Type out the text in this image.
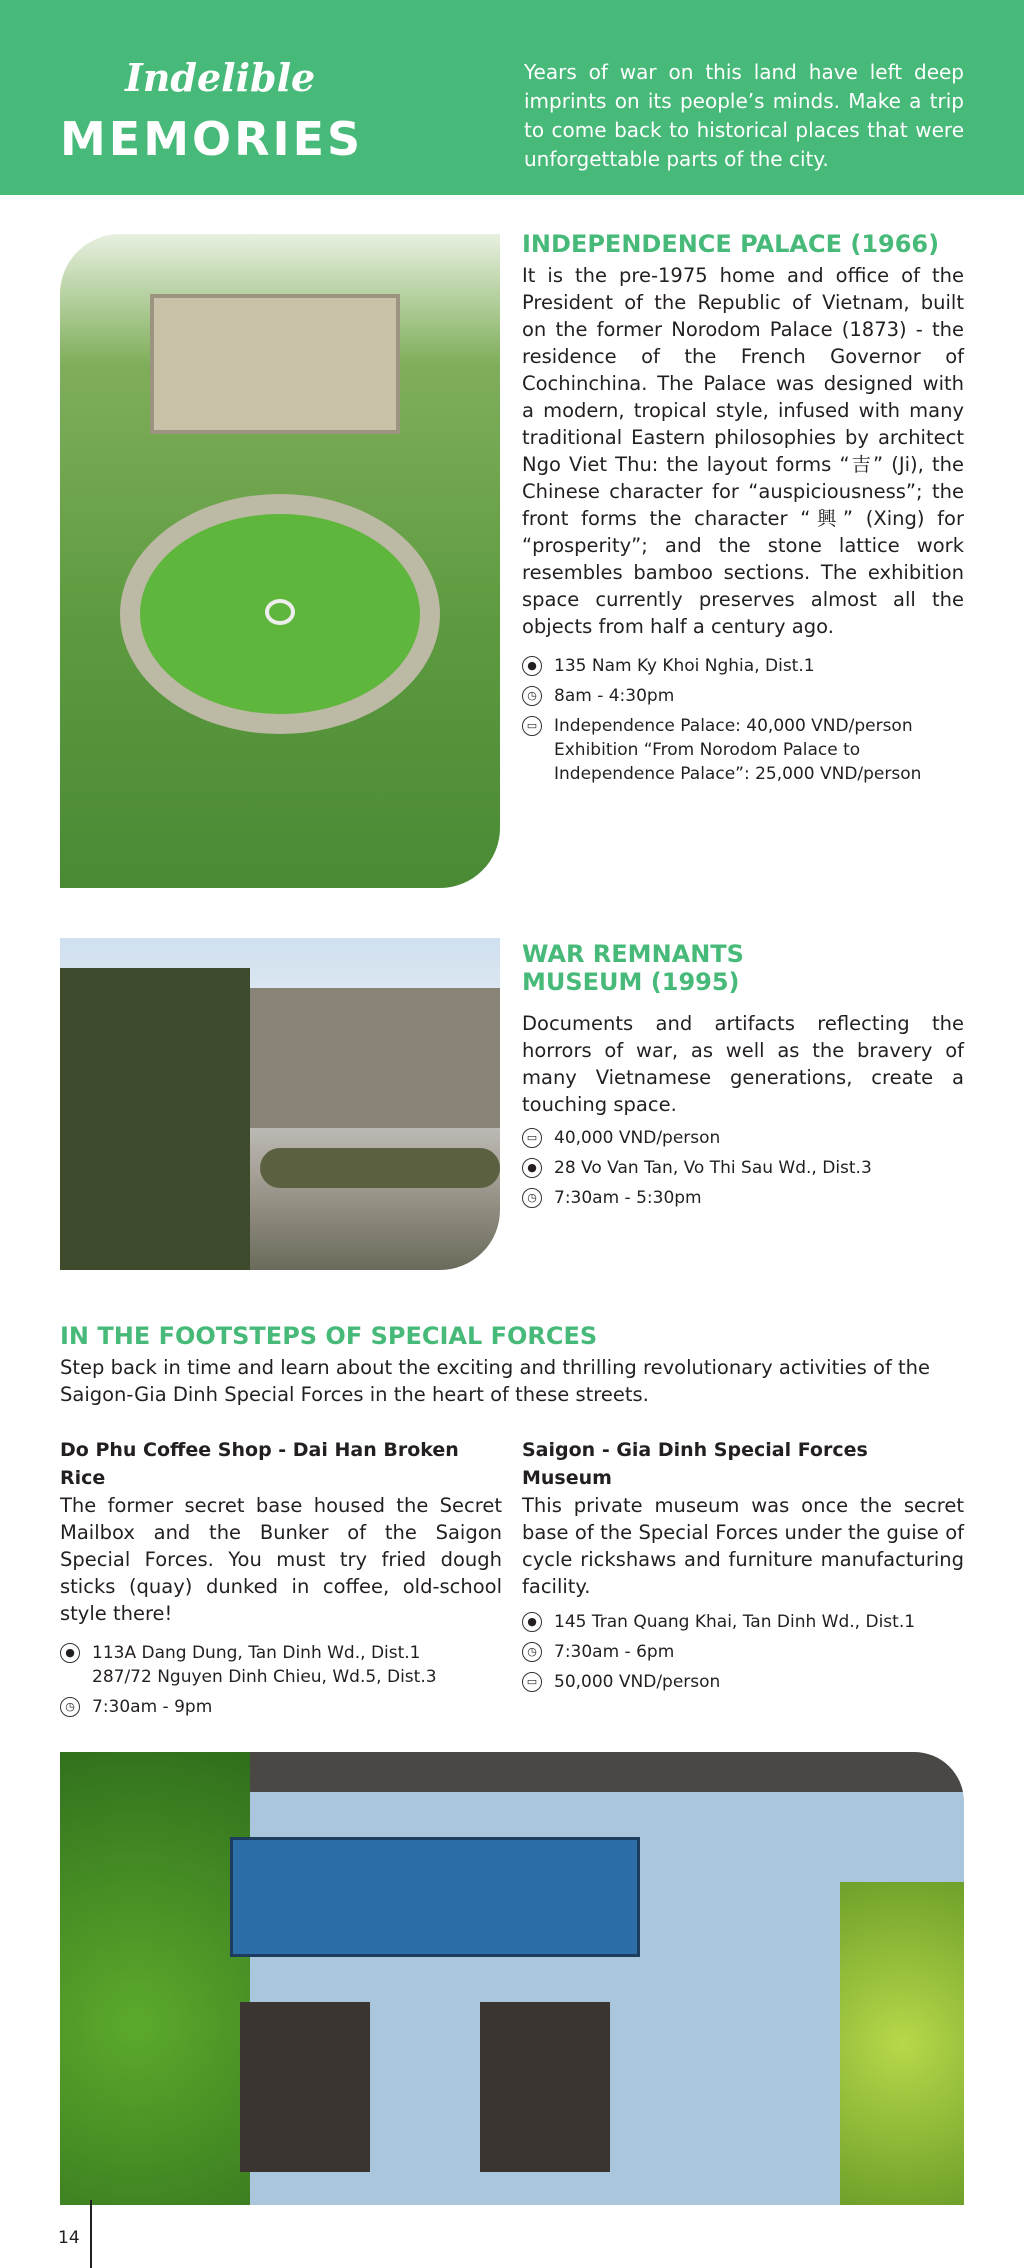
Indelible
MEMORIES
Years of war on this land have left deep imprints on its people’s minds. Make a trip to come back to historical places that were unforgettable parts of the city.
INDEPENDENCE PALACE (1966)
It is the pre-1975 home and office of the President of the Republic of Vietnam, built on the former Norodom Palace (1873) - the residence of the French Governor of Cochinchina. The Palace was designed with a modern, tropical style, infused with many traditional Eastern philosophies by architect Ngo Viet Thu: the layout forms “吉” (Ji), the Chinese character for “auspiciousness”; the front forms the character “興” (Xing) for “prosperity”; and the stone lattice work resembles bamboo sections. The exhibition space currently preserves almost all the objects from half a century ago.
●	135 Nam Ky Khoi Nghia, Dist.1
◷	8am - 4:30pm
▭ Independence Palace: 40,000 VND/person
Exhibition “From Norodom Palace to Independence Palace”: 25,000 VND/person
WAR REMNANTS MUSEUM (1995)
Documents and artifacts reflecting the horrors of war, as well as the bravery of many Vietnamese generations, create a touching space.
▭ 40,000 VND/person
●	28 Vo Van Tan, Vo Thi Sau Wd., Dist.3
◷	7:30am - 5:30pm
IN THE FOOTSTEPS OF SPECIAL FORCES
Step back in time and learn about the exciting and thrilling revolutionary activities of the Saigon-Gia Dinh Special Forces in the heart of these streets.
Do Phu Coffee Shop - Dai Han Broken Rice
The former secret base housed the Secret Mailbox and the Bunker of the Saigon Special Forces. You must try fried dough sticks (quay) dunked in coffee, old-school style there!
●	113A Dang Dung, Tan Dinh Wd., Dist.1
287/72 Nguyen Dinh Chieu, Wd.5, Dist.3
◷	7:30am - 9pm
Saigon - Gia Dinh Special Forces Museum
This private museum was once the secret base of the Special Forces under the guise of cycle rickshaws and furniture manufacturing facility.
●	145 Tran Quang Khai, Tan Dinh Wd., Dist.1
◷	7:30am - 6pm
▭ 50,000 VND/person
14
